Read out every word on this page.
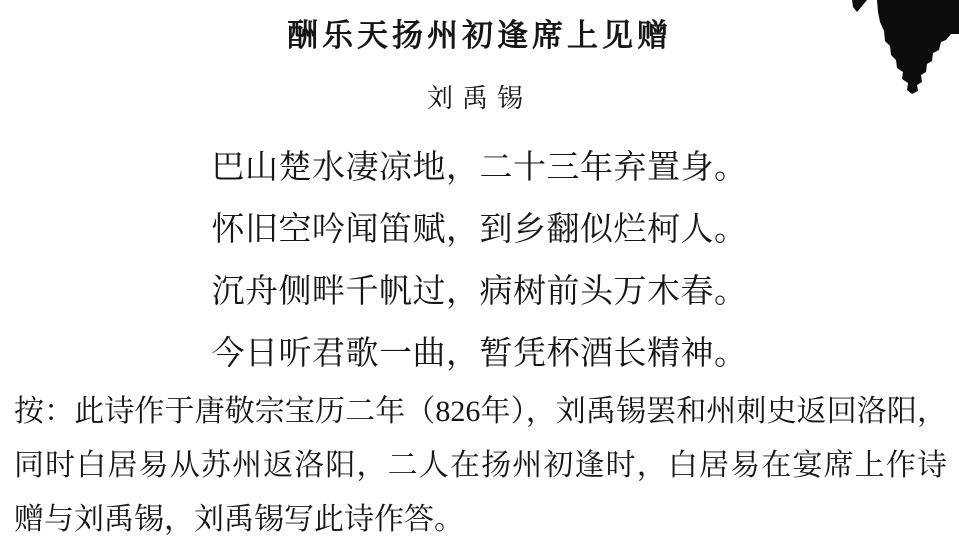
酬乐天扬州初逢席上见赠
刘禹锡
巴山楚水凄凉地，二十三年弃置身。
怀旧空吟闻笛赋，到乡翻似烂柯人。
沉舟侧畔千帆过，病树前头万木春。
今日听君歌一曲，暂凭杯酒长精神。
按：此诗作于唐敬宗宝历二年（826年），刘禹锡罢和州刺史返回洛阳，
同时白居易从苏州返洛阳，二人在扬州初逢时，白居易在宴席上作诗
赠与刘禹锡，刘禹锡写此诗作答。
